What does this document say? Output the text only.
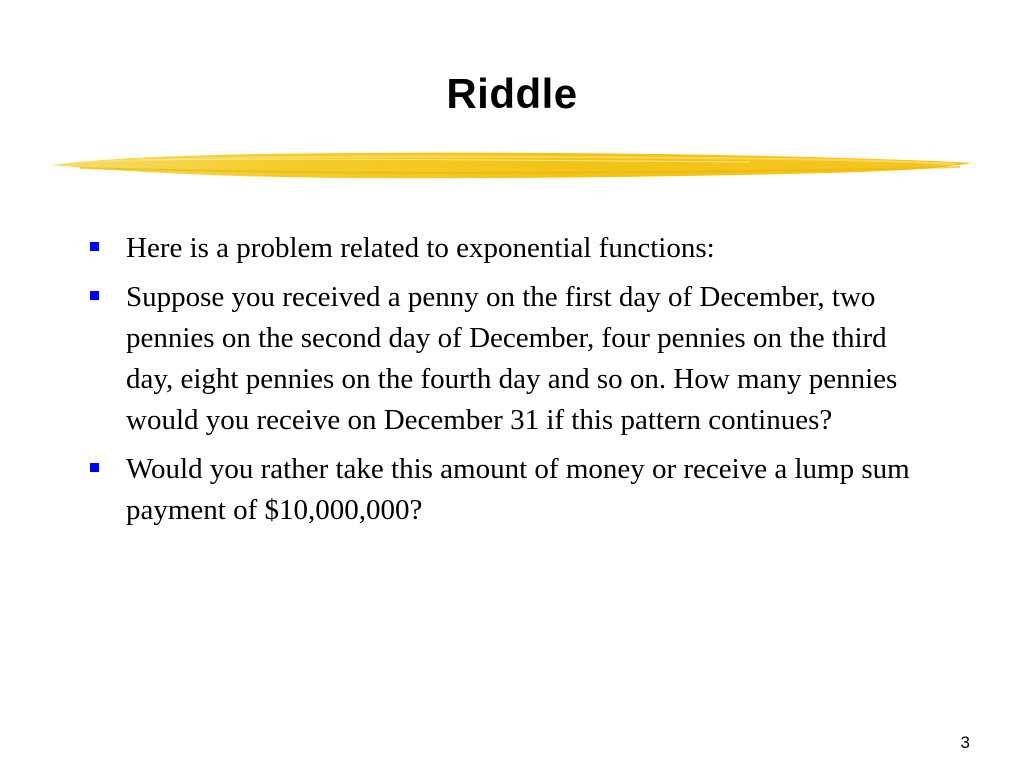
Riddle
Here is a problem related to exponential functions:
Suppose you received a penny on the first day of December, two pennies on the second day of December, four pennies on the third day, eight pennies on the fourth day and so on. How many pennies would you receive on December 31 if this pattern continues?
Would you rather take this amount of money or receive a lump sum payment of $10,000,000?
3
